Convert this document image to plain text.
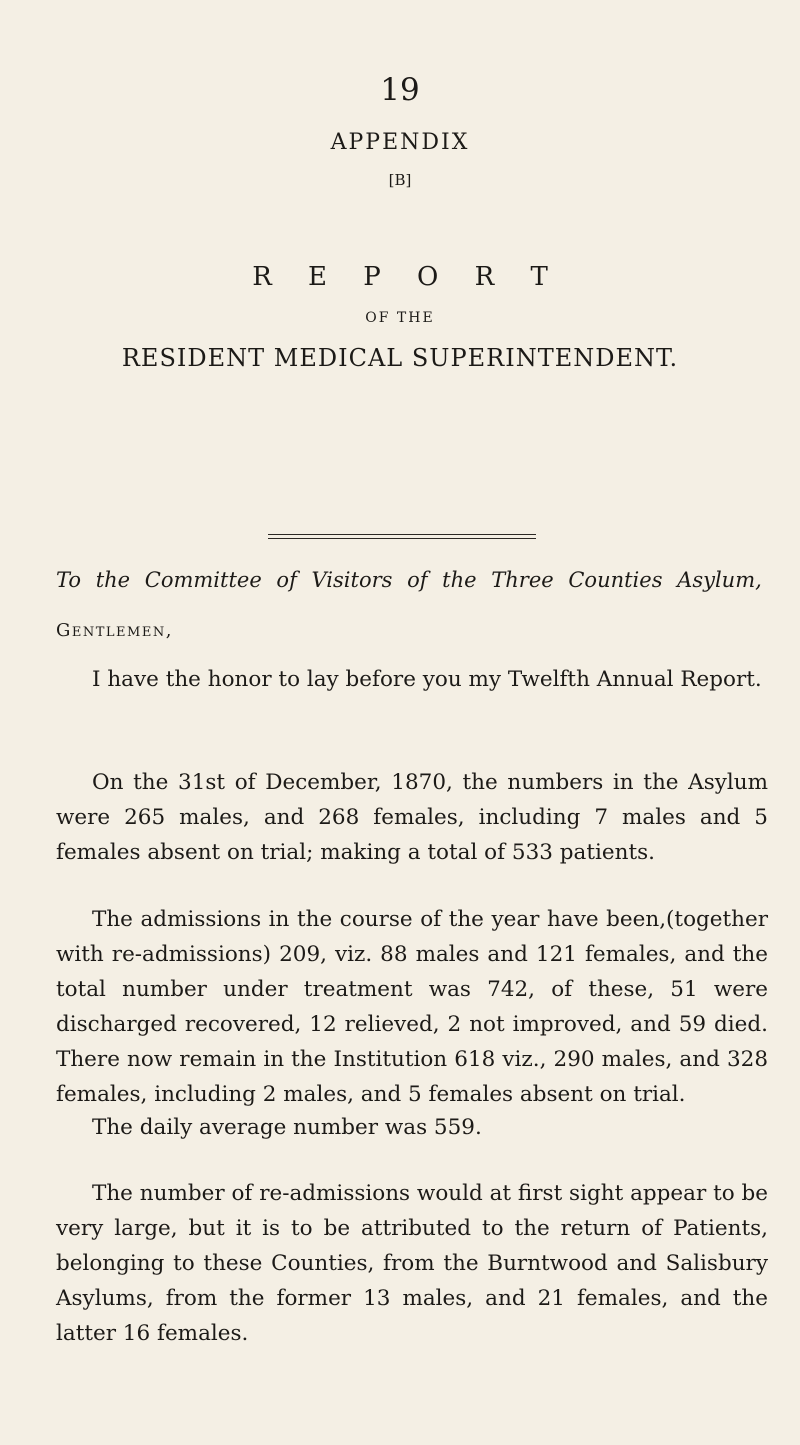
19

APPENDIX

[B]

R E P O R T

OF THE

RESIDENT MEDICAL SUPERINTENDENT.

To the Committee of Visitors of the Three Counties Asylum,

Gentlemen,

I have the honor to lay before you my Twelfth Annual Report.

On the 31st of December, 1870, the numbers in the Asylum were 265 males, and 268 females, including 7 males and 5 females absent on trial; making a total of 533 patients.

The admissions in the course of the year have been,(together with re-admissions) 209, viz. 88 males and 121 females, and the total number under treatment was 742, of these, 51 were discharged recovered, 12 relieved, 2 not improved, and 59 died. There now remain in the Institution 618 viz., 290 males, and 328 females, including 2 males, and 5 females absent on trial.

The daily average number was 559.

The number of re-admissions would at first sight appear to be very large, but it is to be attributed to the return of Patients, belonging to these Counties, from the Burntwood and Salisbury Asylums, from the former 13 males, and 21 females, and the latter 16 females.
